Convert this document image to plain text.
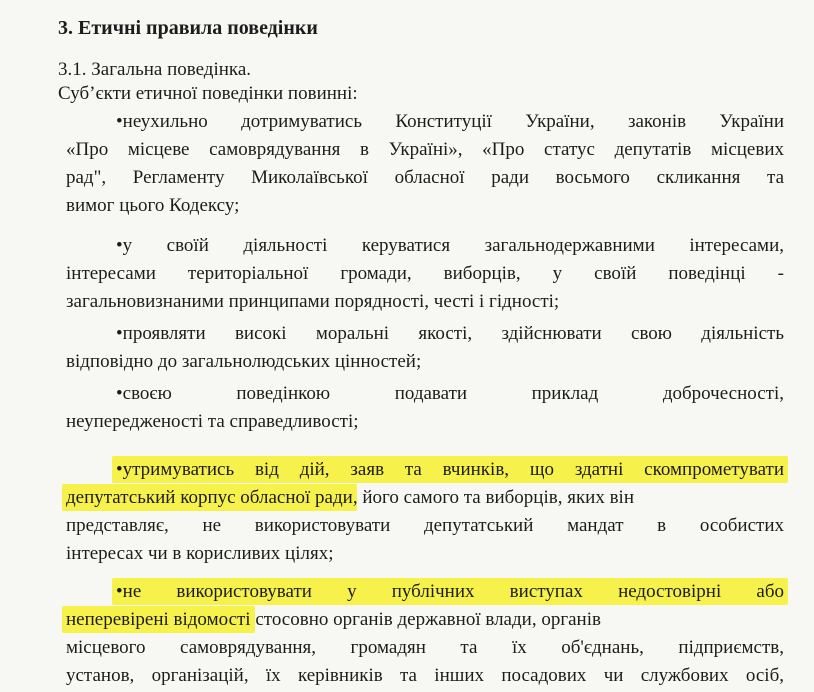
3. Етичні правила поведінки
3.1. Загальна поведінка.
Суб’єкти етичної поведінки повинні:
•неухильно дотримуватись Конституції України, законів України
«Про місцеве самоврядування в Україні», «Про статус депутатів місцевих
рад", Регламенту Миколаївської обласної ради восьмого скликання та
вимог цього Кодексу;
•у своїй діяльності керуватися загальнодержавними інтересами,
інтересами територіальної громади, виборців, у своїй поведінці -
загальновизнаними принципами порядності, честі і гідності;
•проявляти високі моральні якості, здійснювати свою діяльність
відповідно до загальнолюдських цінностей;
•своєю поведінкою подавати приклад доброчесності,
неупередженості та справедливості;
•утримуватись від дій, заяв та вчинків, що здатні скомпрометувати
депутатський корпус обласної ради, його самого та виборців, яких він
представляє, не використовувати депутатський мандат в особистих
інтересах чи в корисливих цілях;
•не використовувати у публічних виступах недостовірні або
неперевірені відомості стосовно органів державної влади, органів
місцевого самоврядування, громадян та їх об'єднань, підприємств,
установ, організацій, їх керівників та інших посадових чи службових осіб,
